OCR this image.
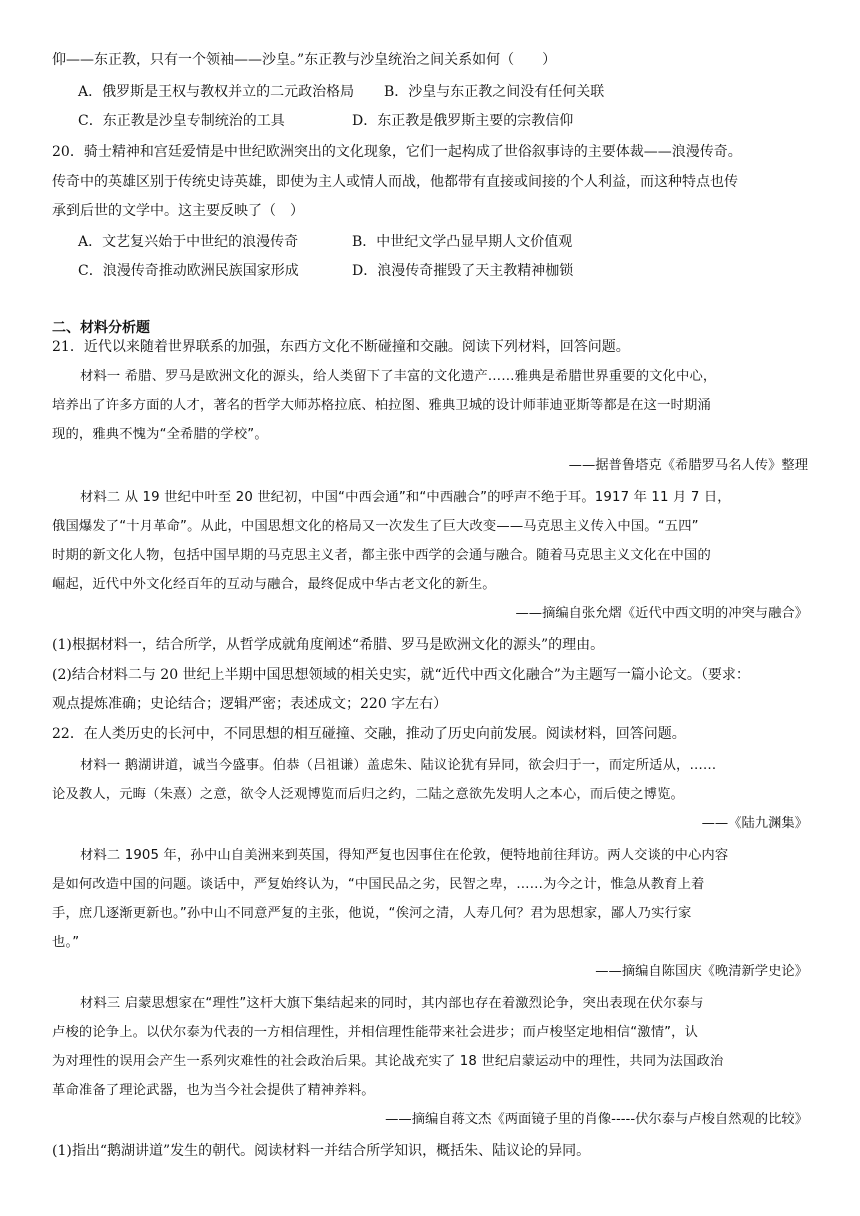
仰——东正教，只有一个领袖——沙皇。”东正教与沙皇统治之间关系如何（　　）
A．俄罗斯是王权与教权并立的二元政治格局 B．沙皇与东正教之间没有任何关联
C．东正教是沙皇专制统治的工具	D．东正教是俄罗斯主要的宗教信仰
20．骑士精神和宫廷爱情是中世纪欧洲突出的文化现象，它们一起构成了世俗叙事诗的主要体裁——浪漫传奇。
传奇中的英雄区别于传统史诗英雄，即使为主人或情人而战，他都带有直接或间接的个人利益，而这种特点也传
承到后世的文学中。这主要反映了（　）
A．文艺复兴始于中世纪的浪漫传奇	B．中世纪文学凸显早期人文价值观
C．浪漫传奇推动欧洲民族国家形成	D．浪漫传奇摧毁了天主教精神枷锁
二、材料分析题
21．近代以来随着世界联系的加强，东西方文化不断碰撞和交融。阅读下列材料，回答问题。
材料一 希腊、罗马是欧洲文化的源头，给人类留下了丰富的文化遗产……雅典是希腊世界重要的文化中心，
培养出了许多方面的人才，著名的哲学大师苏格拉底、柏拉图、雅典卫城的设计师菲迪亚斯等都是在这一时期涌
现的，雅典不愧为“全希腊的学校”。
——据普鲁塔克《希腊罗马名人传》整理
材料二 从 19 世纪中叶至 20 世纪初，中国“中西会通”和“中西融合”的呼声不绝于耳。1917 年 11 月 7 日，
俄国爆发了“十月革命”。从此，中国思想文化的格局又一次发生了巨大改变——马克思主义传入中国。“五四”
时期的新文化人物，包括中国早期的马克思主义者，都主张中西学的会通与融合。随着马克思主义文化在中国的
崛起，近代中外文化经百年的互动与融合，最终促成中华古老文化的新生。
——摘编自张允熠《近代中西文明的冲突与融合》
(1)根据材料一，结合所学，从哲学成就角度阐述“希腊、罗马是欧洲文化的源头”的理由。
(2)结合材料二与 20 世纪上半期中国思想领域的相关史实，就“近代中西文化融合”为主题写一篇小论文。（要求：
观点提炼准确；史论结合；逻辑严密；表述成文；220 字左右）
22．在人类历史的长河中，不同思想的相互碰撞、交融，推动了历史向前发展。阅读材料，回答问题。
材料一 鹅湖讲道，诚当今盛事。伯恭（吕祖谦）盖虑朱、陆议论犹有异同，欲会归于一，而定所适从，……
论及教人，元晦（朱熹）之意，欲令人泛观博览而后归之约，二陆之意欲先发明人之本心，而后使之博览。
——《陆九渊集》
材料二 1905 年，孙中山自美洲来到英国，得知严复也因事住在伦敦，便特地前往拜访。两人交谈的中心内容
是如何改造中国的问题。谈话中，严复始终认为，“中国民品之劣，民智之卑，……为今之计，惟急从教育上着
手，庶几逐渐更新也。”孙中山不同意严复的主张，他说，“俟河之清，人寿几何？君为思想家，鄙人乃实行家
也。”
——摘编自陈国庆《晚清新学史论》
材料三 启蒙思想家在“理性”这杆大旗下集结起来的同时，其内部也存在着激烈论争，突出表现在伏尔泰与
卢梭的论争上。以伏尔泰为代表的一方相信理性，并相信理性能带来社会进步；而卢梭坚定地相信“激情”，认
为对理性的误用会产生一系列灾难性的社会政治后果。其论战充实了 18 世纪启蒙运动中的理性，共同为法国政治
革命准备了理论武器，也为当今社会提供了精神养料。
——摘编自蒋文杰《两面镜子里的肖像-----伏尔泰与卢梭自然观的比较》
(1)指出“鹅湖讲道”发生的朝代。阅读材料一并结合所学知识，概括朱、陆议论的异同。
